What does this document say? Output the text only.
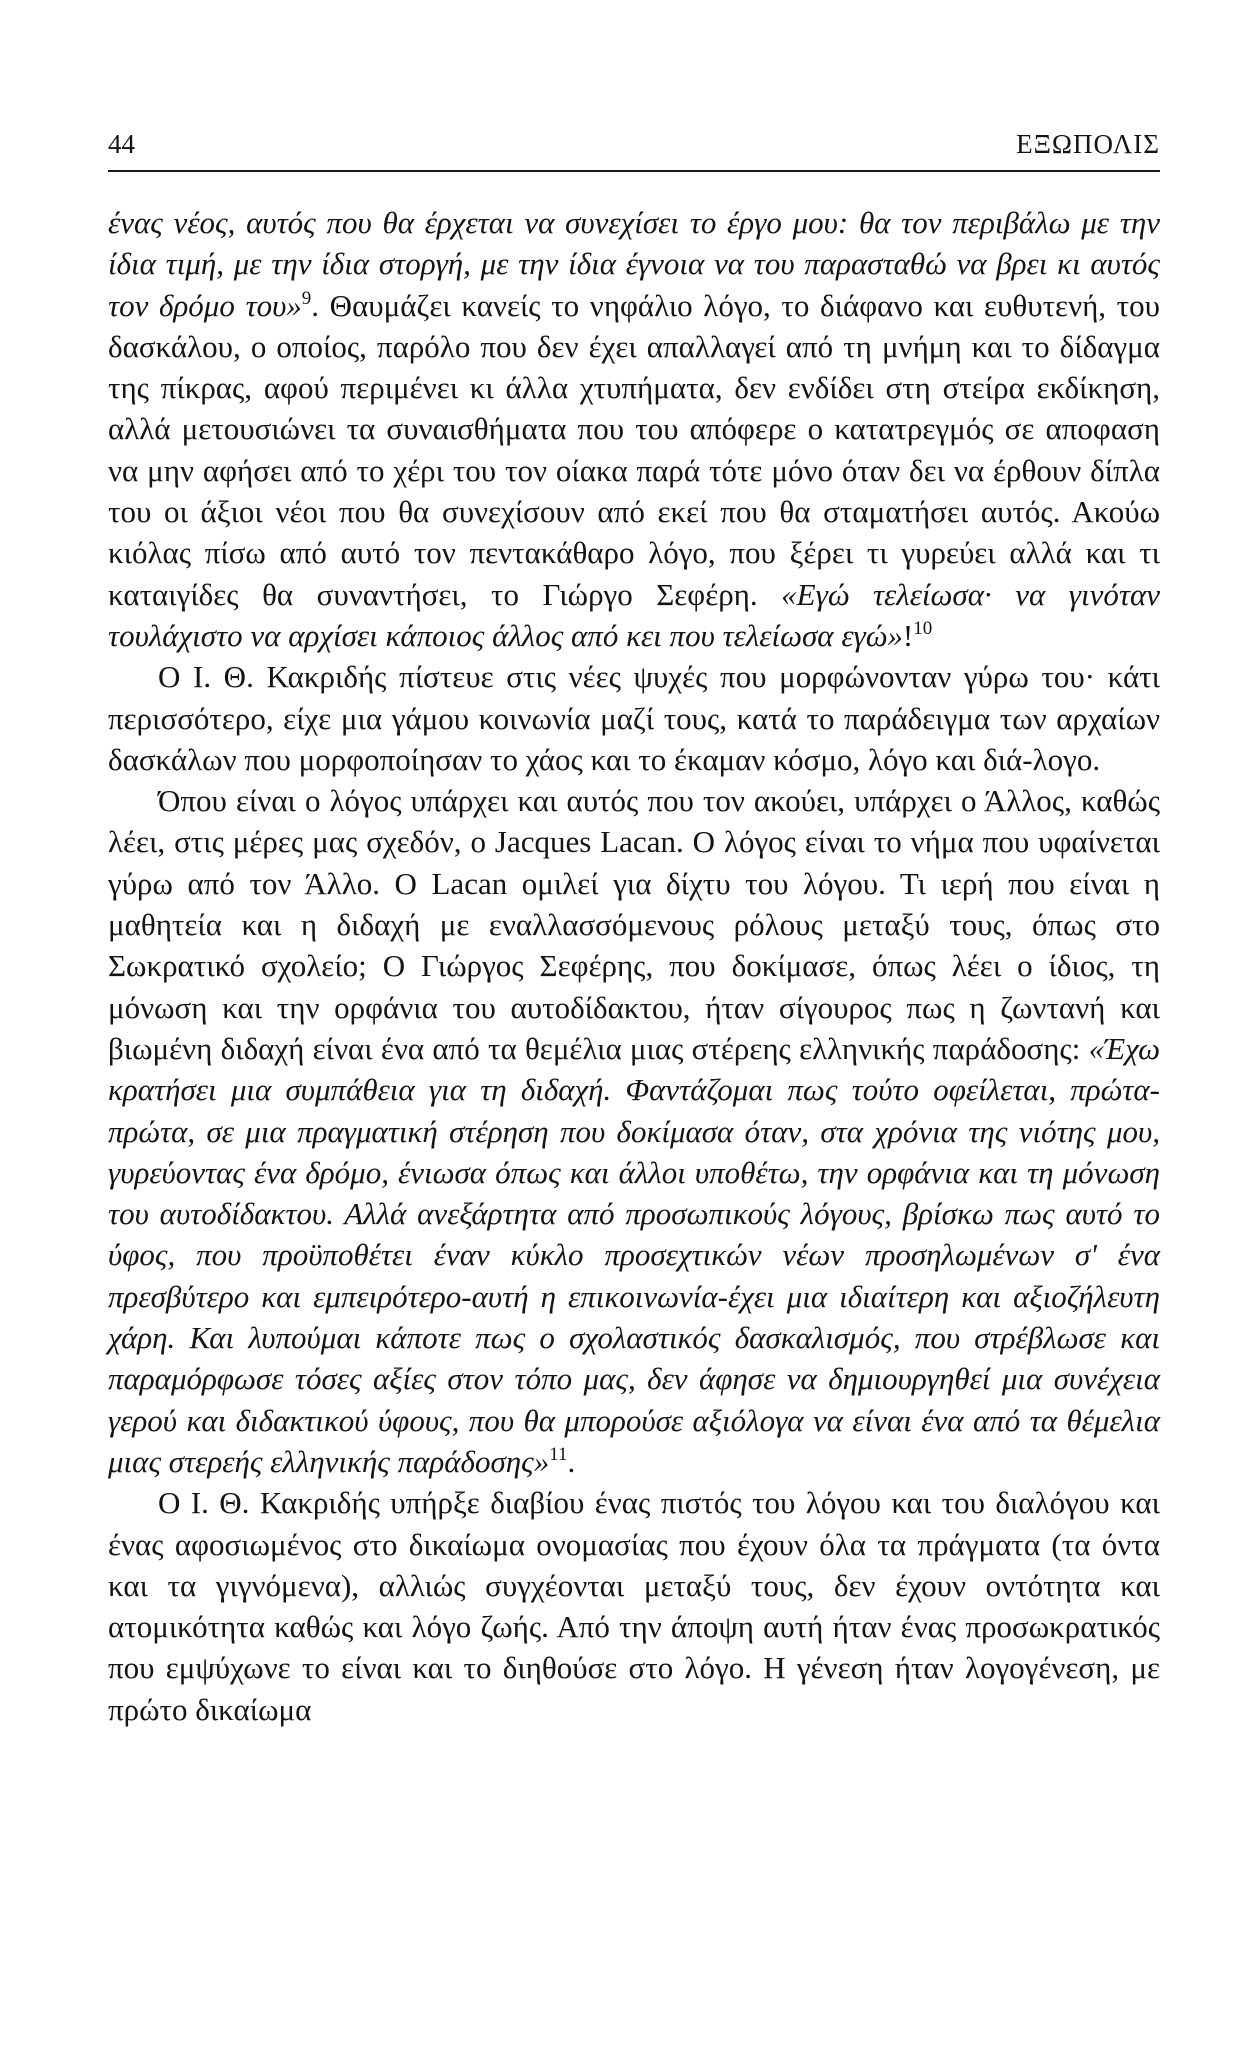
44	ΕΞΩΠΟΛΙΣ

ένας νέος, αυτός που θα έρχεται να συνεχίσει το έργο μου: θα τον περιβάλω με την ίδια τιμή, με την ίδια στοργή, με την ίδια έγνοια να του παρασταθώ να βρει κι αυτός τον δρόμο του»$^9$. Θαυμάζει κανείς το νηφάλιο λόγο, το διάφανο και ευθυτενή, του δασκάλου, ο οποίος, παρόλο που δεν έχει απαλλαγεί από τη μνήμη και το δίδαγμα της πίκρας, αφού περιμένει κι άλλα χτυπήματα, δεν ενδίδει στη στείρα εκδίκηση, αλλά μετουσιώνει τα συναισθήματα που του απόφερε ο κατατρεγμός σε αποφαση να μην αφήσει από το χέρι του τον οίακα παρά τότε μόνο όταν δει να έρθουν δίπλα του οι άξιοι νέοι που θα συνεχίσουν από εκεί που θα σταματήσει αυτός. Ακούω κιόλας πίσω από αυτό τον πεντακάθαρο λόγο, που ξέρει τι γυρεύει αλλά και τι καταιγίδες θα συναντήσει, το Γιώργο Σεφέρη. «Εγώ τελείωσα· να γινόταν τουλάχιστο να αρχίσει κάποιος άλλος από κει που τελείωσα εγώ»!$^{10}$

Ο Ι. Θ. Κακριδής πίστευε στις νέες ψυχές που μορφώνονταν γύρω του· κάτι περισσότερο, είχε μια γάμου κοινωνία μαζί τους, κατά το παράδειγμα των αρχαίων δασκάλων που μορφοποίησαν το χάος και το έκαμαν κόσμο, λόγο και διά-λογο.

Όπου είναι ο λόγος υπάρχει και αυτός που τον ακούει, υπάρχει ο Άλλος, καθώς λέει, στις μέρες μας σχεδόν, ο Jacques Lacan. Ο λόγος είναι το νήμα που υφαίνεται γύρω από τον Άλλο. Ο Lacan ομιλεί για δίχτυ του λόγου. Τι ιερή που είναι η μαθητεία και η διδαχή με εναλλασσόμενους ρόλους μεταξύ τους, όπως στο Σωκρατικό σχολείο; Ο Γιώργος Σεφέρης, που δοκίμασε, όπως λέει ο ίδιος, τη μόνωση και την ορφάνια του αυτοδίδακτου, ήταν σίγουρος πως η ζωντανή και βιωμένη διδαχή είναι ένα από τα θεμέλια μιας στέρεης ελληνικής παράδοσης: «Έχω κρατήσει μια συμπάθεια για τη διδαχή. Φαντάζομαι πως τούτο οφείλεται, πρώτα-πρώτα, σε μια πραγματική στέρηση που δοκίμασα όταν, στα χρόνια της νιότης μου, γυρεύοντας ένα δρόμο, ένιωσα όπως και άλλοι υποθέτω, την ορφάνια και τη μόνωση του αυτοδίδακτου. Αλλά ανεξάρτητα από προσωπικούς λόγους, βρίσκω πως αυτό το ύφος, που προϋποθέτει έναν κύκλο προσεχτικών νέων προσηλωμένων σ' ένα πρεσβύτερο και εμπειρότερο-αυτή η επικοινωνία-έχει μια ιδιαίτερη και αξιοζήλευτη χάρη. Και λυπούμαι κάποτε πως ο σχολαστικός δασκαλισμός, που στρέβλωσε και παραμόρφωσε τόσες αξίες στον τόπο μας, δεν άφησε να δημιουργηθεί μια συνέχεια γερού και διδακτικού ύφους, που θα μπορούσε αξιόλογα να είναι ένα από τα θέμελια μιας στερεής ελληνικής παράδοσης»$^{11}$.

Ο Ι. Θ. Κακριδής υπήρξε διαβίου ένας πιστός του λόγου και του διαλόγου και ένας αφοσιωμένος στο δικαίωμα ονομασίας που έχουν όλα τα πράγματα (τα όντα και τα γιγνόμενα), αλλιώς συγχέονται μεταξύ τους, δεν έχουν οντότητα και ατομικότητα καθώς και λόγο ζωής. Από την άποψη αυτή ήταν ένας προσωκρατικός που εμψύχωνε το είναι και το διηθούσε στο λόγο. Η γένεση ήταν λογογένεση, με πρώτο δικαίωμα
